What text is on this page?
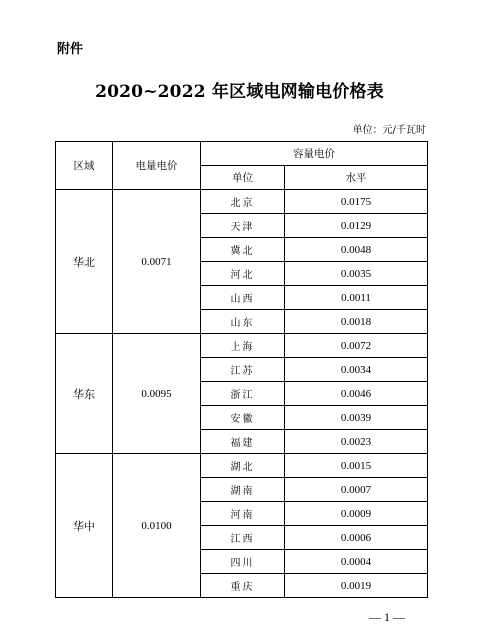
附件
2020~2022 年区域电网输电价格表
单位：元/千瓦时
区域	电量电价	容量电价	
		单位	水平
华北	0.0071	北京	0.0175
		天津	0.0129
		冀北	0.0048
		河北	0.0035
		山西	0.0011
		山东	0.0018
华东	0.0095	上海	0.0072
		江苏	0.0034
		浙江	0.0046
		安徽	0.0039
		福建	0.0023
华中	0.0100	湖北	0.0015
		湖南	0.0007
		河南	0.0009
		江西	0.0006
		四川	0.0004
		重庆	0.0019
— 1 —
